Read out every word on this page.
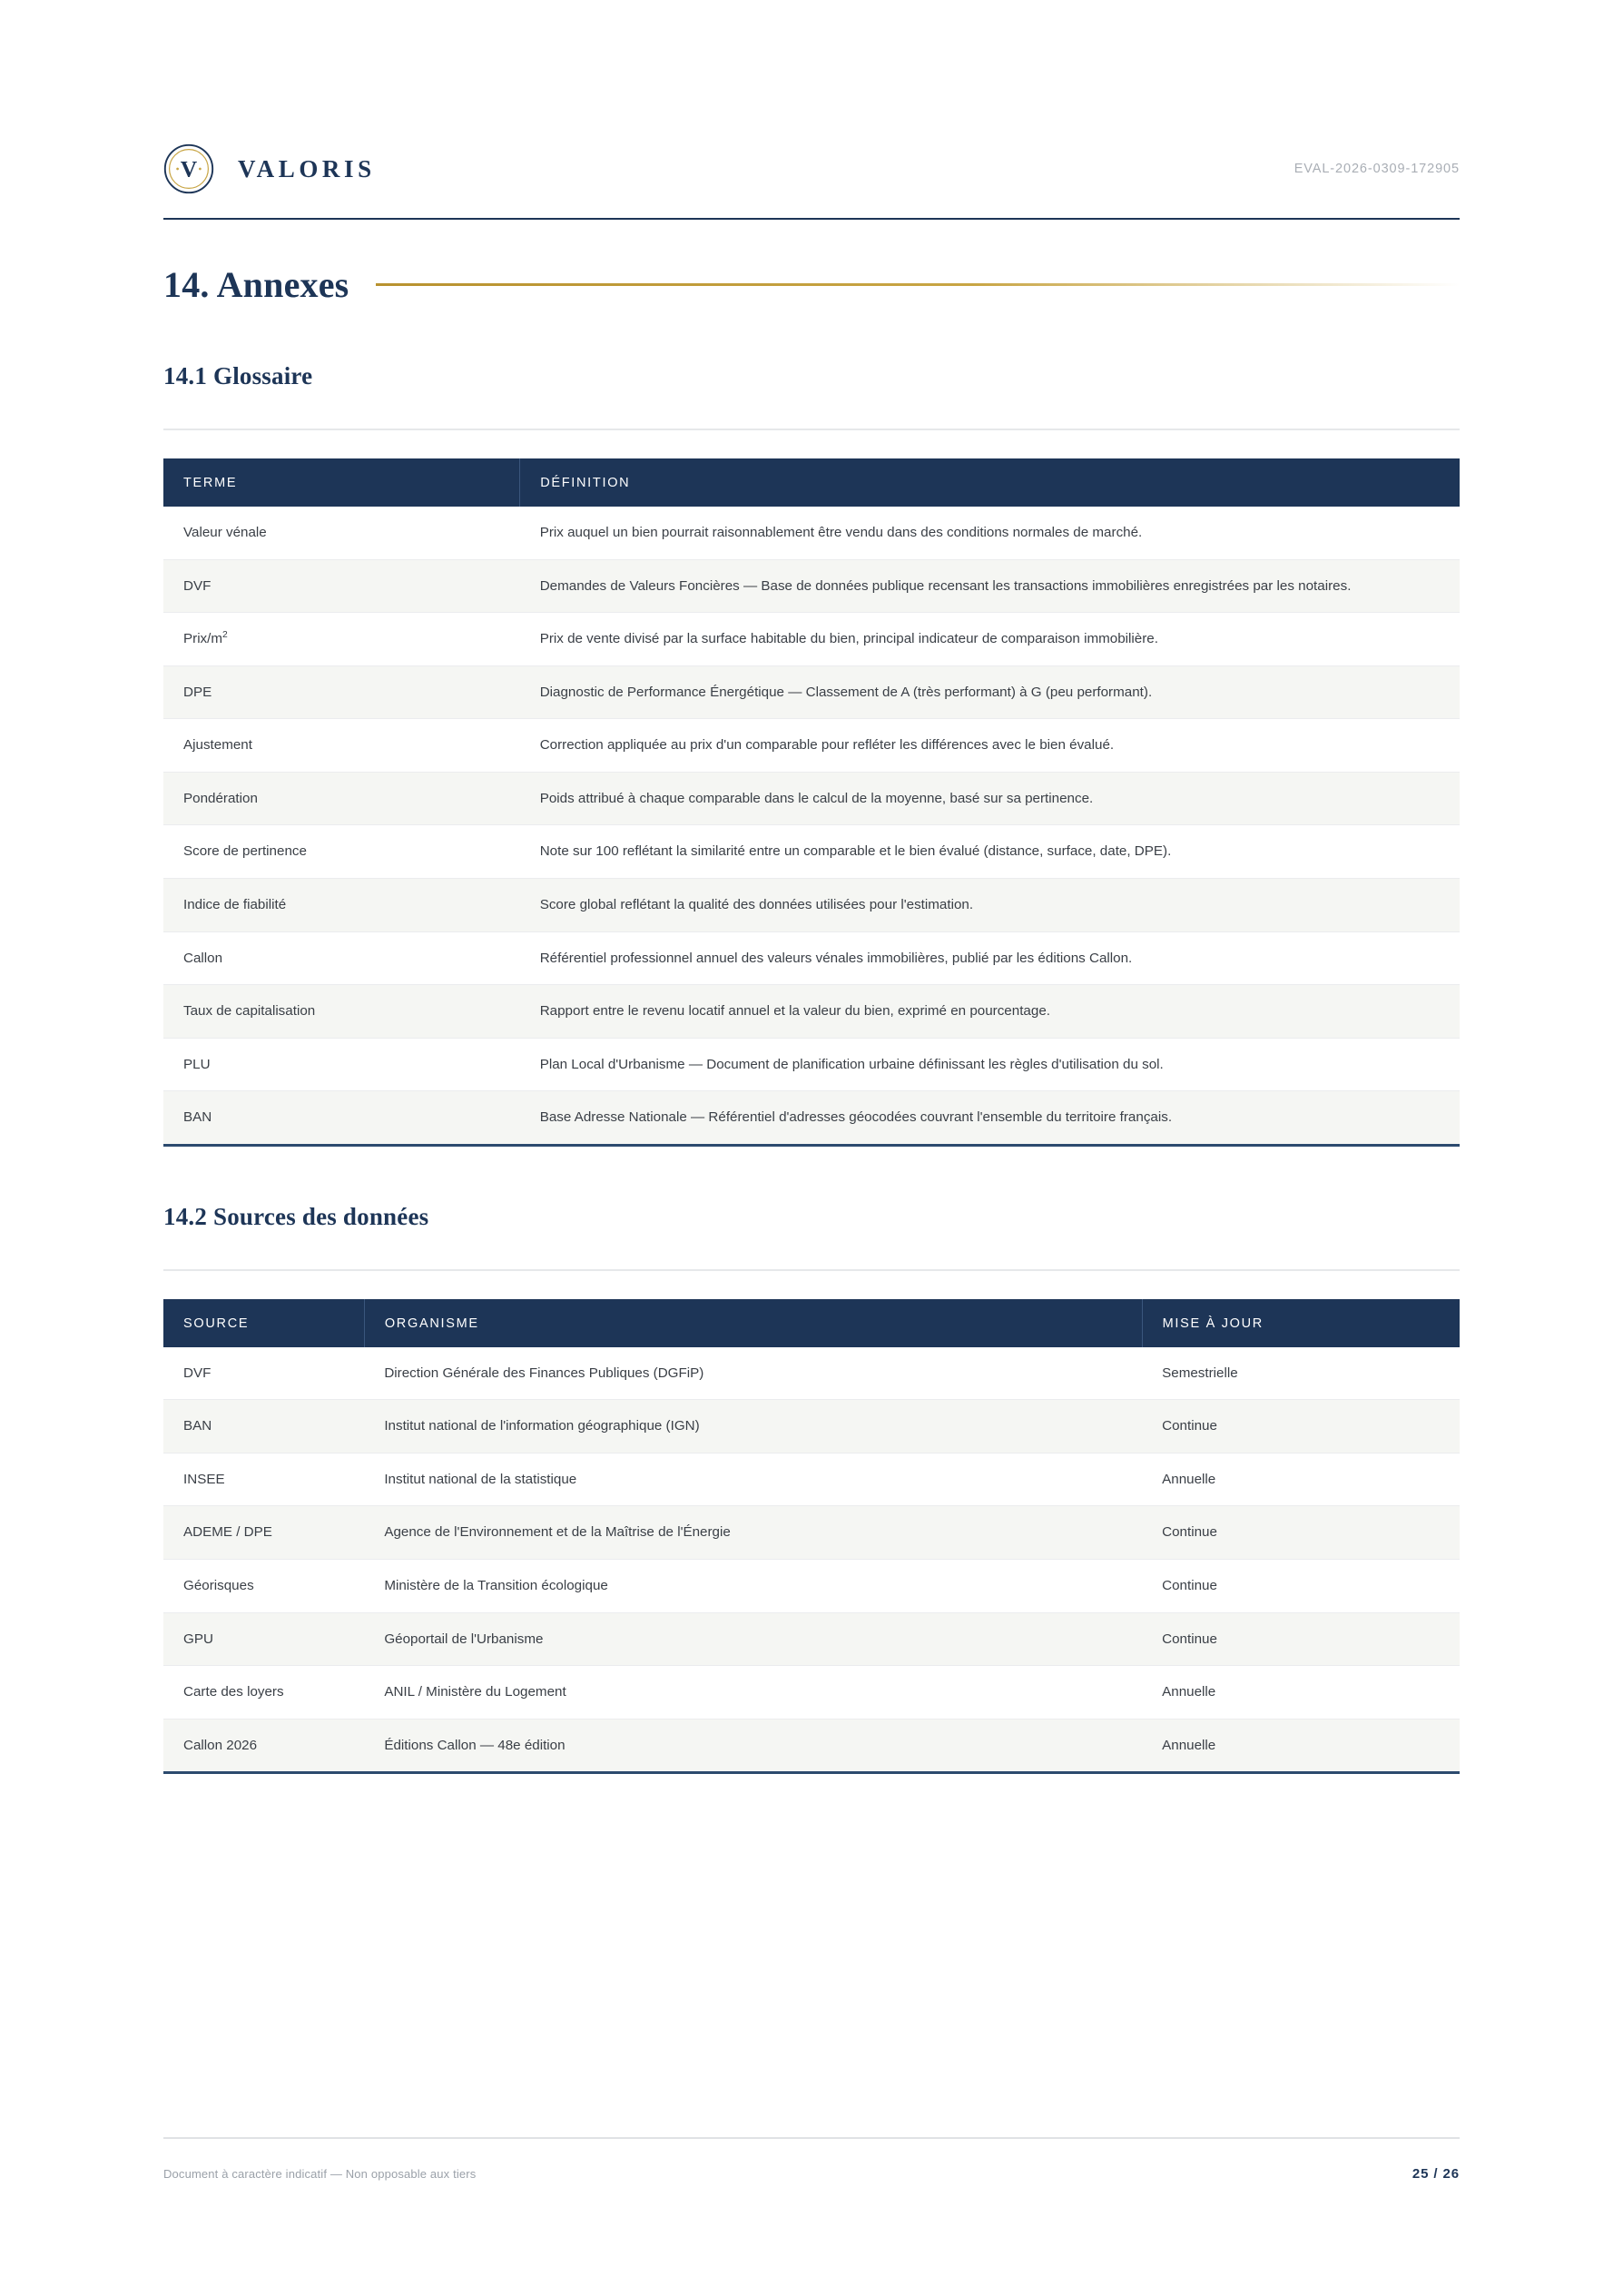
V VALORIS	EVAL-2026-0309-172905
14. Annexes
14.1 Glossaire
TERME	DÉFINITION
Valeur vénale	Prix auquel un bien pourrait raisonnablement être vendu dans des conditions normales de marché.
DVF	Demandes de Valeurs Foncières — Base de données publique recensant les transactions immobilières enregistrées par les notaires.
Prix/$m^2$	Prix de vente divisé par la surface habitable du bien, principal indicateur de comparaison immobilière.
DPE	Diagnostic de Performance Énergétique — Classement de A (très performant) à G (peu performant).
Ajustement	Correction appliquée au prix d'un comparable pour refléter les différences avec le bien évalué.
Pondération	Poids attribué à chaque comparable dans le calcul de la moyenne, basé sur sa pertinence.
Score de pertinence	Note sur 100 reflétant la similarité entre un comparable et le bien évalué (distance, surface, date, DPE).
Indice de fiabilité	Score global reflétant la qualité des données utilisées pour l'estimation.
Callon	Référentiel professionnel annuel des valeurs vénales immobilières, publié par les éditions Callon.
Taux de capitalisation	Rapport entre le revenu locatif annuel et la valeur du bien, exprimé en pourcentage.
PLU	Plan Local d'Urbanisme — Document de planification urbaine définissant les règles d'utilisation du sol.
BAN	Base Adresse Nationale — Référentiel d'adresses géocodées couvrant l'ensemble du territoire français.
14.2 Sources des données
SOURCE	ORGANISME	MISE À JOUR
DVF	Direction Générale des Finances Publiques (DGFiP)	Semestrielle
BAN	Institut national de l'information géographique (IGN)	Continue
INSEE	Institut national de la statistique	Annuelle
ADEME / DPE	Agence de l'Environnement et de la Maîtrise de l'Énergie	Continue
Géorisques	Ministère de la Transition écologique	Continue
GPU	Géoportail de l'Urbanisme	Continue
Carte des loyers	ANIL / Ministère du Logement	Annuelle
Callon 2026	Éditions Callon — 48e édition	Annuelle
Document à caractère indicatif — Non opposable aux tiers	25 / 26
